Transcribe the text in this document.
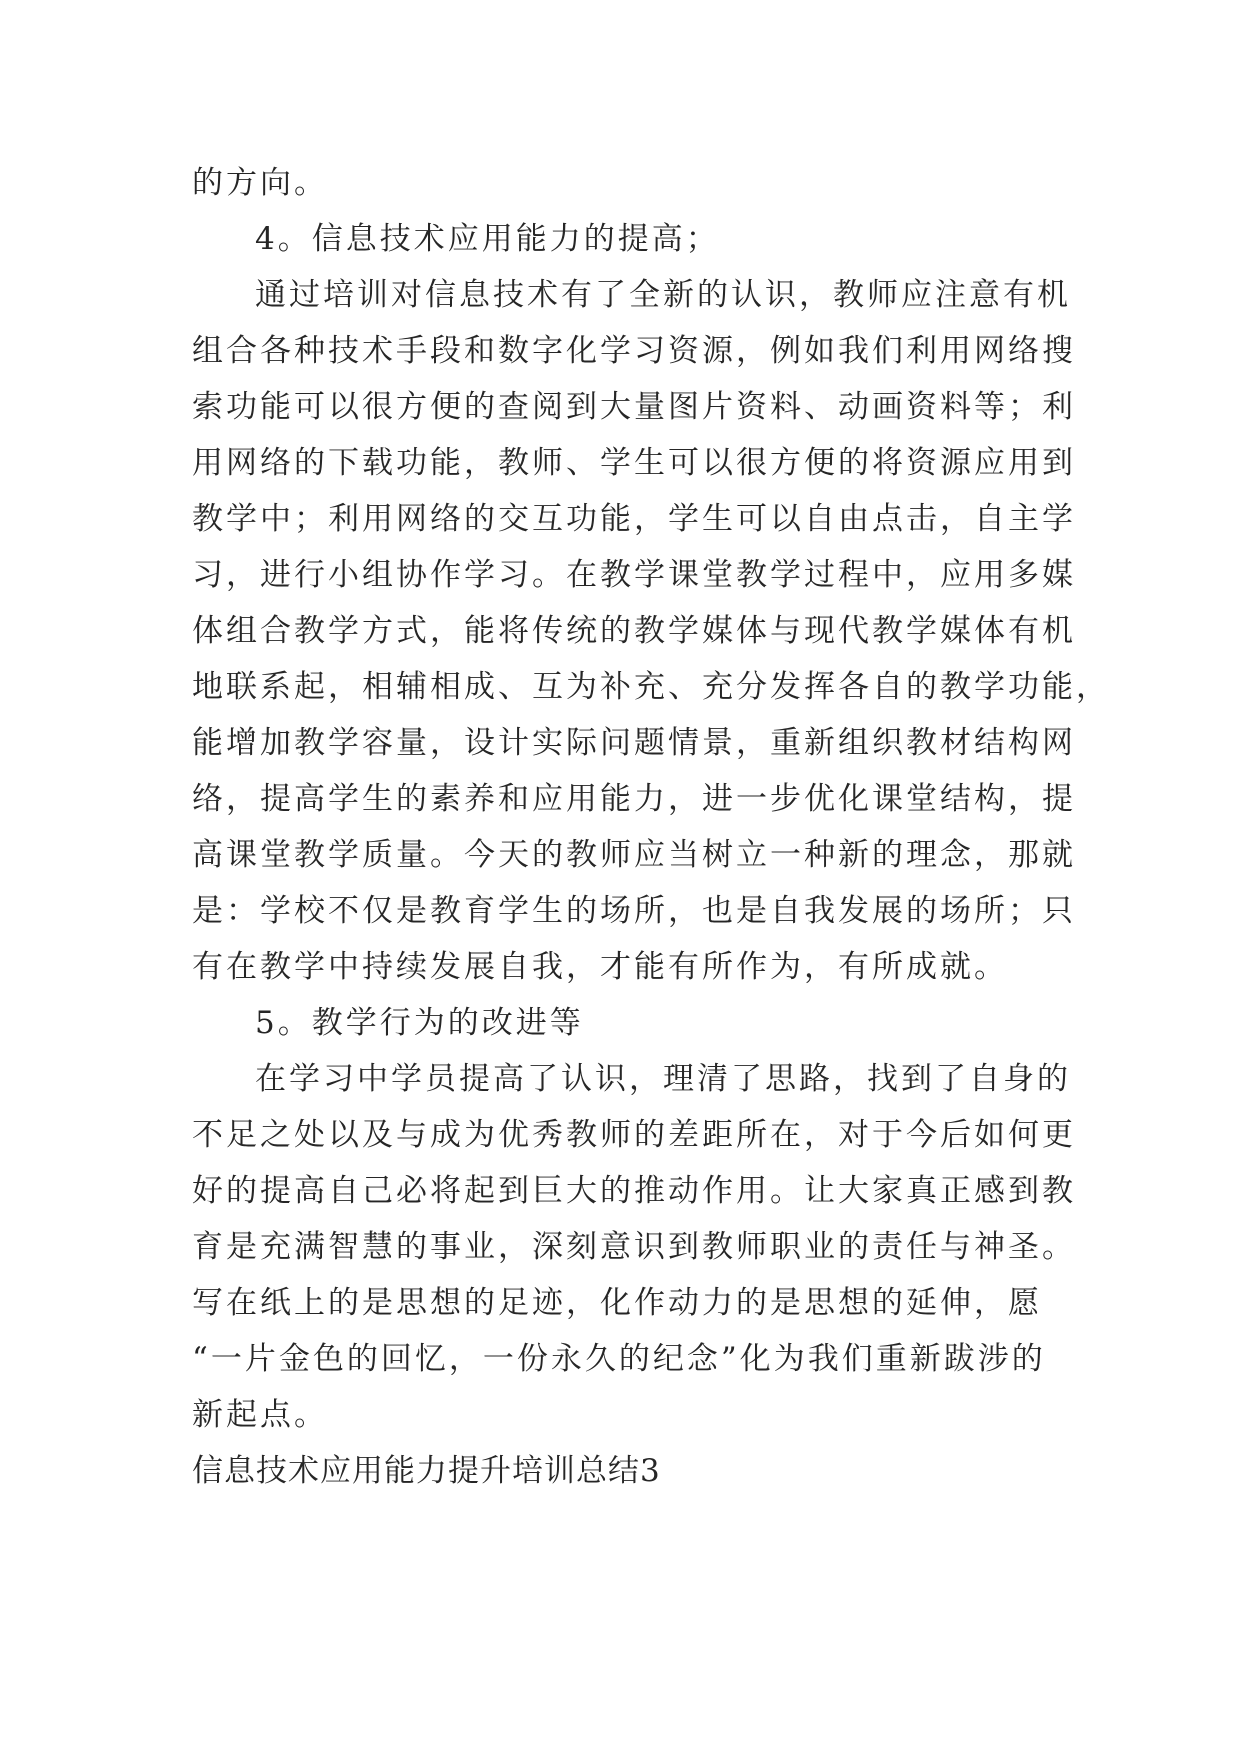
的方向。
4。信息技术应用能力的提高；
通过培训对信息技术有了全新的认识，教师应注意有机
组合各种技术手段和数字化学习资源，例如我们利用网络搜
索功能可以很方便的查阅到大量图片资料、动画资料等；利
用网络的下载功能，教师、学生可以很方便的将资源应用到
教学中；利用网络的交互功能，学生可以自由点击，自主学
习，进行小组协作学习。在教学课堂教学过程中，应用多媒
体组合教学方式，能将传统的教学媒体与现代教学媒体有机
地联系起，相辅相成、互为补充、充分发挥各自的教学功能，
能增加教学容量，设计实际问题情景，重新组织教材结构网
络，提高学生的素养和应用能力，进一步优化课堂结构，提
高课堂教学质量。今天的教师应当树立一种新的理念，那就
是：学校不仅是教育学生的场所，也是自我发展的场所；只
有在教学中持续发展自我，才能有所作为，有所成就。
5。教学行为的改进等
在学习中学员提高了认识，理清了思路，找到了自身的
不足之处以及与成为优秀教师的差距所在，对于今后如何更
好的提高自己必将起到巨大的推动作用。让大家真正感到教
育是充满智慧的事业，深刻意识到教师职业的责任与神圣。
写在纸上的是思想的足迹，化作动力的是思想的延伸，愿
“一片金色的回忆，一份永久的纪念”化为我们重新跋涉的
新起点。
信息技术应用能力提升培训总结3
